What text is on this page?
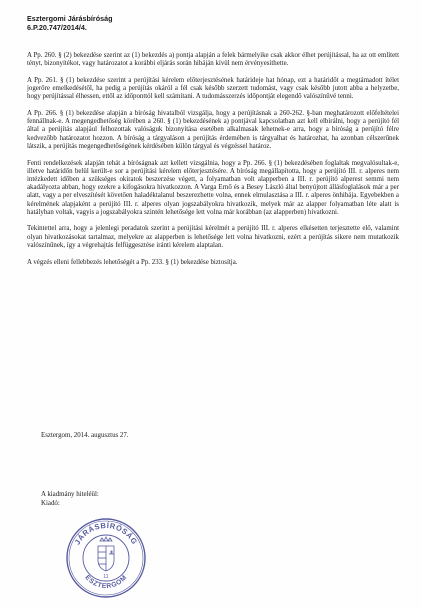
Esztergomi Járásbíróság
6.P.20.747/2014/4.

A Pp. 260. § (2) bekezdése szerint az (1) bekezdés a) pontja alapján a felek bármelyike csak akkor élhet perújítással, ha az ott említett tényt, bizonyítékot, vagy határozatot a korábbi eljárás során hibáján kívül nem érvényesíthette.

A Pp. 261. § (1) bekezdése szerint a perújítási kérelem előterjesztésének határideje hat hónap, ezt a határidőt a megtámadott ítélet jogerőre emelkedésétől, ha pedig a perújítás okáról a fél csak később szerzett tudomást, vagy csak később jutott abba a helyzetbe, hogy perújítással élhessen, ettől az időponttól kell számítani. A tudomásszerzés időpontját elegendő valószínűvé tenni.

A Pp. 266. § (1) bekezdése alapján a bíróság hivatalból vizsgálja, hogy a perújításnak a 260-262. §-ban meghatározott előfeltételei fennállnak-e. A megengedhetőség körében a 260. § (1) bekezdésének a) pontjával kapcsolatban azt kell elbírálni, hogy a perújító fél által a perújítás alapjául felhozottak valóságuk bizonyítása esetében alkalmasak lehetnek-e arra, hogy a bíróság a perújító félre kedvezőbb határozatot hozzon. A bíróság a tárgyaláson a perújítás érdemében is tárgyalhat és határozhat, ha azonban célszerűnek látszik, a perújítás megengedhetőségének kérdésében külön tárgyal és végzéssel határoz.

Fenti rendelkezések alapján tehát a bíróságnak azt kellett vizsgálnia, hogy a Pp. 266. § (1) bekezdésében foglaltak megvalósultak-e, illetve határidőn belül került-e sor a perújítási kérelem előterjesztésére. A bíróság megállapította, hogy a perújító III. r. alperes nem intézkedett időben a szükséges okiratok beszerzése végett, a folyamatban volt alapperben a III. r. perújító alperest semmi nem akadályozta abban, hogy ezekre a kifogásokra hivatkozzon. A Varga Ernő és a Besey László által benyújtott állásfoglalások már a per alatt, vagy a per elveszítését követően haladéktalanul beszerezhette volna, ennek elmulasztása a III. r. alperes önhibája. Egyebekben a kérelmének alapjaként a perújító III. r. alperes olyan jogszabályokra hivatkozik, melyek már az alapper folyamatban léte alatt is hatályban voltak, vagyis a jogszabályokra szintén lehetősége lett volna már korábban (az alapperben) hivatkozni.

Tekintettel arra, hogy a jelenlegi peradatok szerint a perújítási kérelmét a perújító III. r. alperes elkésetten terjesztette elő, valamint olyan hivatkozásokat tartalmaz, melyekre az alapperben is lehetősége lett volna hivatkozni, ezért a perújítás sikere nem mutatkozik valószínűnek, így a végrehajtás felfüggesztése iránti kérelem alaptalan.

A végzés elleni fellebbezés lehetőségét a Pp. 233. § (1) bekezdése biztosítja.

Esztergom, 2014. augusztus 27.
A kiadmány hiteléül:
Kiadó:
JÁRÁSBÍRÓSÁG
ESZTERGOM
11
